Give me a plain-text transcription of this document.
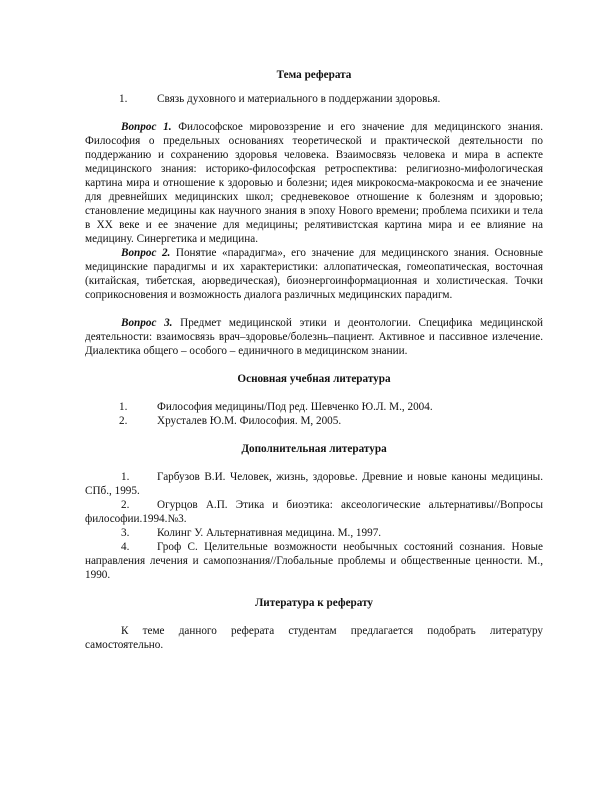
Тема реферата

1.	Связь духовного и материального в поддержании здоровья.

Вопрос 1. Философское мировоззрение и его значение для медицинского знания. Философия о предельных основаниях теоретической и практической деятельности по поддержанию и сохранению здоровья человека. Взаимосвязь человека и мира в аспекте медицинского знания: историко-философская ретроспектива: религиозно-мифологическая картина мира и отношение к здоровью и болезни; идея микрокосма-макрокосма и ее значение для древнейших медицинских школ; средневековое отношение к болезням и здоровью; становление медицины как научного знания в эпоху Нового времени; проблема психики и тела в XX веке и ее значение для медицины; релятивистская картина мира и ее влияние на медицину. Синергетика и медицина.

Вопрос 2. Понятие «парадигма», его значение для медицинского знания. Основные медицинские парадигмы и их характеристики: аллопатическая, гомеопатическая, восточная (китайская, тибетская, аюрведическая), биоэнергоинформационная и холистическая. Точки соприкосновения и возможность диалога различных медицинских парадигм.

Вопрос 3. Предмет медицинской этики и деонтологии. Специфика медицинской деятельности: взаимосвязь врач–здоровье/болезнь–пациент. Активное и пассивное излечение. Диалектика общего – особого – единичного в медицинском знании.

Основная учебная литература

1.	Философия медицины/Под ред. Шевченко Ю.Л. М., 2004.

2.	Хрусталев Ю.М. Философия. М, 2005.

Дополнительная литература

1. Гарбузов В.И. Человек, жизнь, здоровье. Древние и новые каноны медицины. СПб., 1995.

2. Огурцов А.П. Этика и биоэтика: аксеологические альтернативы//Вопросы философии.1994.№3.

3. Колинг У. Альтернативная медицина. М., 1997.

4. Гроф С. Целительные возможности необычных состояний сознания. Новые направления лечения и самопознания//Глобальные проблемы и общественные ценности. М., 1990.

Литература к реферату

К теме данного реферата студентам предлагается подобрать литературу самостоятельно.
